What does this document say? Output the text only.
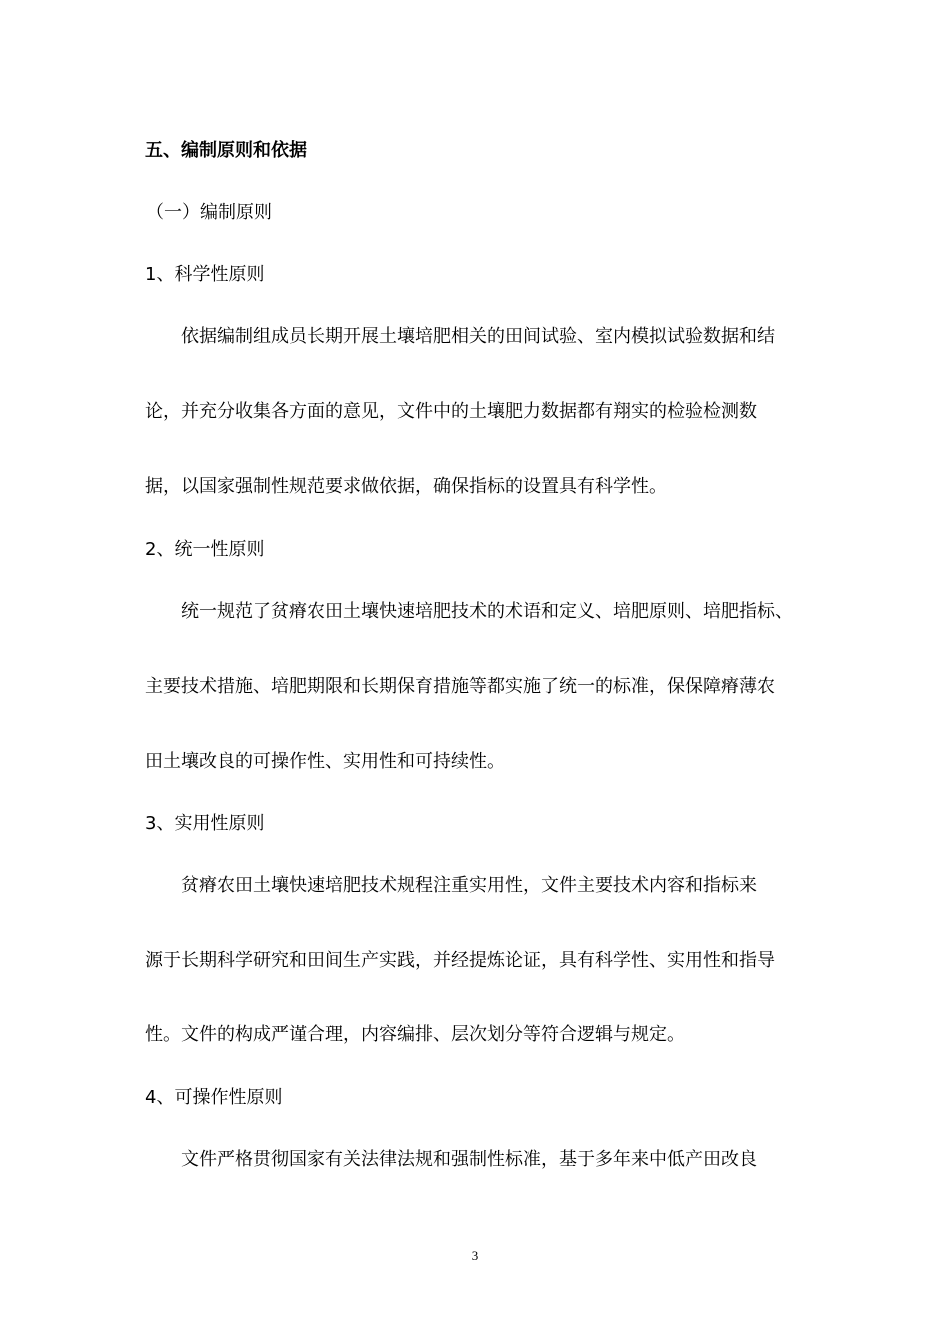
五、编制原则和依据
（一）编制原则
1、科学性原则
依据编制组成员长期开展土壤培肥相关的田间试验、室内模拟试验数据和结
论，并充分收集各方面的意见，文件中的土壤肥力数据都有翔实的检验检测数
据，以国家强制性规范要求做依据，确保指标的设置具有科学性。
2、统一性原则
统一规范了贫瘠农田土壤快速培肥技术的术语和定义、培肥原则、培肥指标、
主要技术措施、培肥期限和长期保育措施等都实施了统一的标准，保保障瘠薄农
田土壤改良的可操作性、实用性和可持续性。
3、实用性原则
贫瘠农田土壤快速培肥技术规程注重实用性，文件主要技术内容和指标来
源于长期科学研究和田间生产实践，并经提炼论证，具有科学性、实用性和指导
性。文件的构成严谨合理，内容编排、层次划分等符合逻辑与规定。
4、可操作性原则
文件严格贯彻国家有关法律法规和强制性标准，基于多年来中低产田改良
3
